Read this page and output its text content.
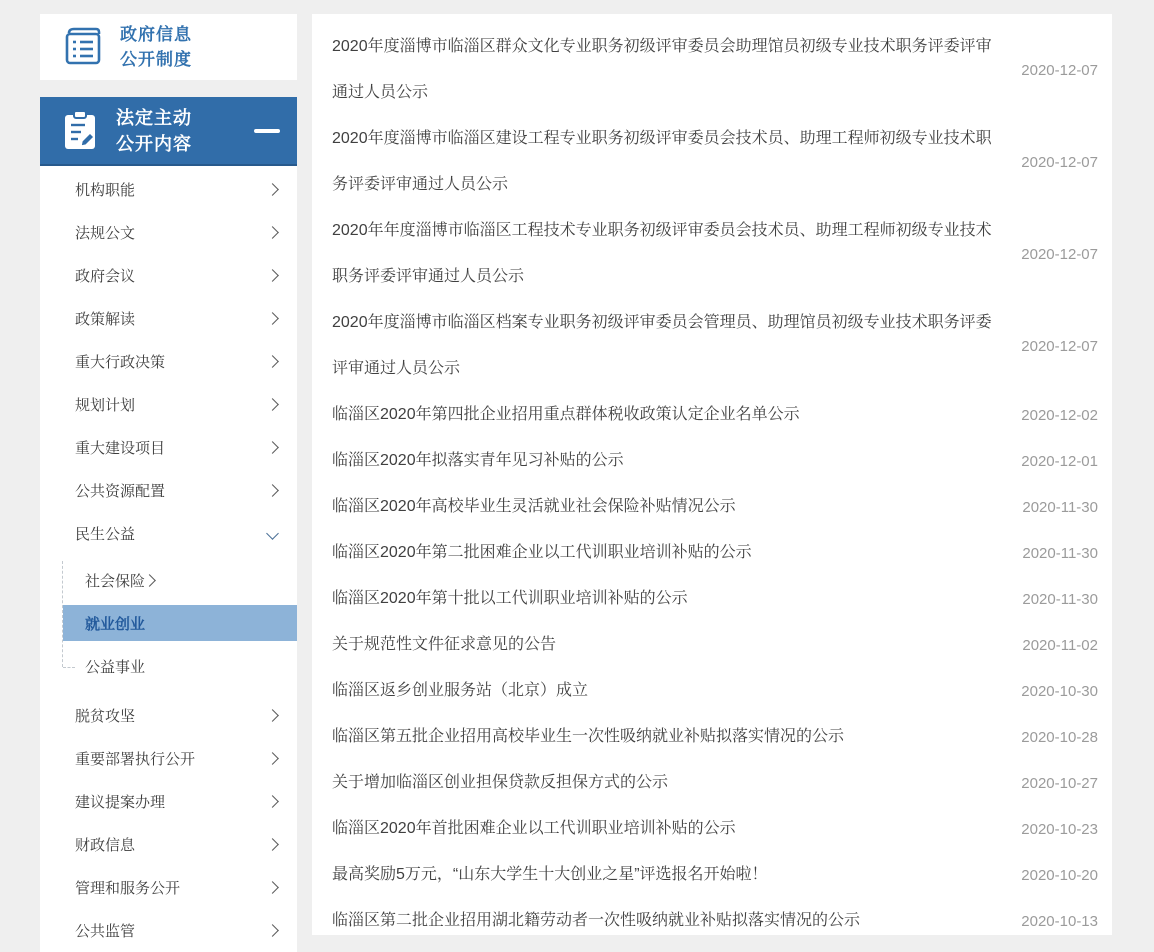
政府信息
公开制度
法定主动
公开内容
机构职能
法规公文
政府会议
政策解读
重大行政决策
规划计划
重大建设项目
公共资源配置
民生公益
社会保险
就业创业
公益事业
脱贫攻坚
重要部署执行公开
建议提案办理
财政信息
管理和服务公开
公共监管
2020年度淄博市临淄区群众文化专业职务初级评审委员会助理馆员初级专业技术职务评委评审通过人员公示
2020-12-07
2020年度淄博市临淄区建设工程专业职务初级评审委员会技术员、助理工程师初级专业技术职务评委评审通过人员公示
2020-12-07
2020年年度淄博市临淄区工程技术专业职务初级评审委员会技术员、助理工程师初级专业技术职务评委评审通过人员公示
2020-12-07
2020年度淄博市临淄区档案专业职务初级评审委员会管理员、助理馆员初级专业技术职务评委评审通过人员公示
2020-12-07
临淄区2020年第四批企业招用重点群体税收政策认定企业名单公示	2020-12-02
临淄区2020年拟落实青年见习补贴的公示	2020-12-01
临淄区2020年高校毕业生灵活就业社会保险补贴情况公示	2020-11-30
临淄区2020年第二批困难企业以工代训职业培训补贴的公示	2020-11-30
临淄区2020年第十批以工代训职业培训补贴的公示	2020-11-30
关于规范性文件征求意见的公告	2020-11-02
临淄区返乡创业服务站（北京）成立	2020-10-30
临淄区第五批企业招用高校毕业生一次性吸纳就业补贴拟落实情况的公示	2020-10-28
关于增加临淄区创业担保贷款反担保方式的公示	2020-10-27
临淄区2020年首批困难企业以工代训职业培训补贴的公示	2020-10-23
最高奖励5万元，“山东大学生十大创业之星”评选报名开始啦！	2020-10-20
临淄区第二批企业招用湖北籍劳动者一次性吸纳就业补贴拟落实情况的公示	2020-10-13
